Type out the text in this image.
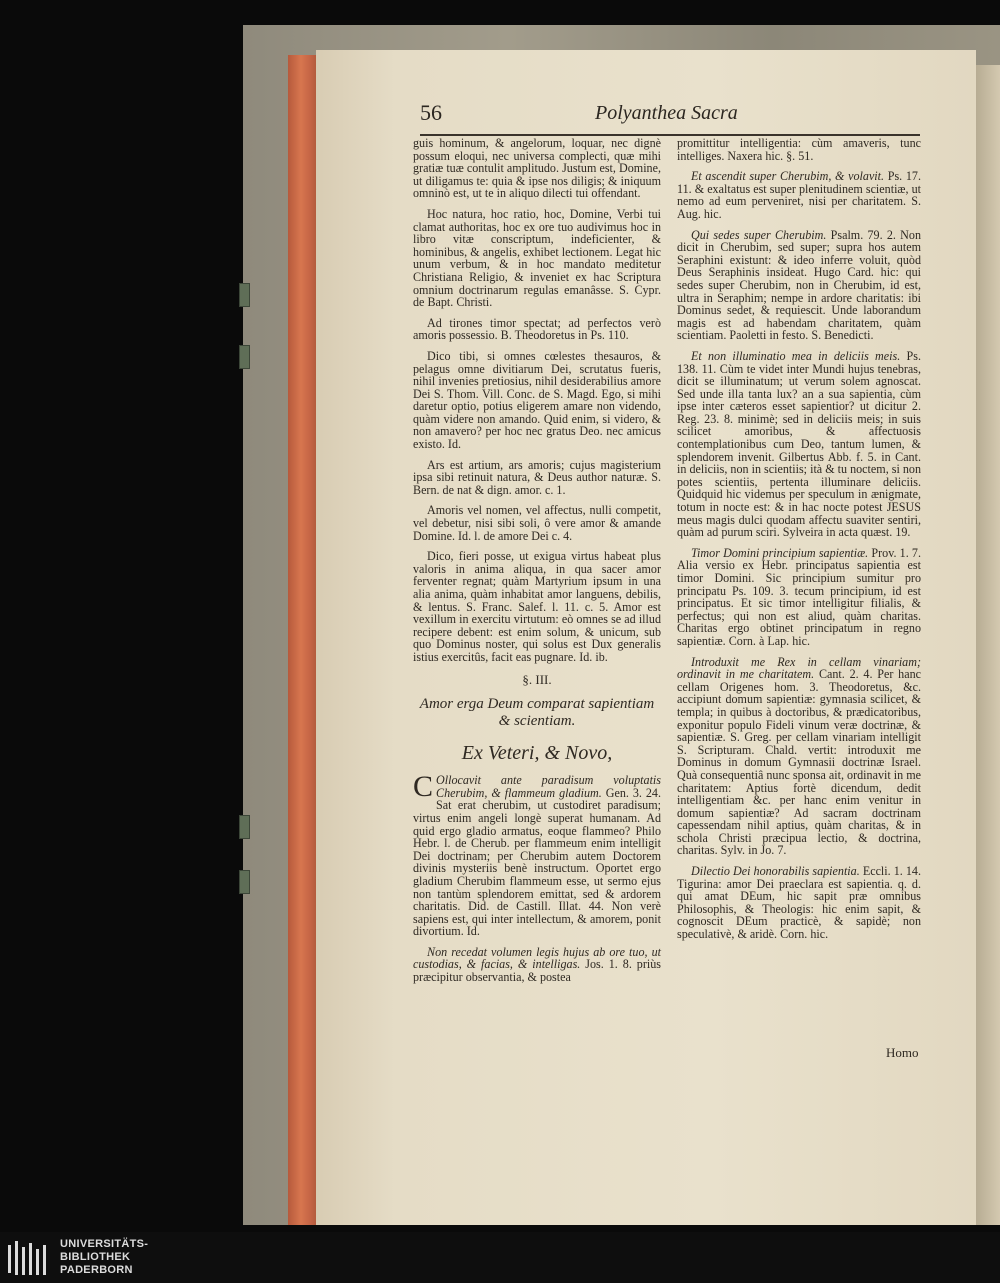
56	Polyanthea Sacra

guis hominum, & angelorum, loquar, nec dignè possum eloqui, nec universa complecti, quæ mihi gratiæ tuæ contulit amplitudo. Justum est, Domine, ut diligamus te: quia & ipse nos diligis; & iniquum omninò est, ut te in aliquo dilecti tui offendant.

Hoc natura, hoc ratio, hoc, Domine, Verbi tui clamat authoritas, hoc ex ore tuo audivimus hoc in libro vitæ conscriptum, indeficienter, & hominibus, & angelis, exhibet lectionem. Legat hic unum verbum, & in hoc mandato meditetur Christiana Religio, & inveniet ex hac Scriptura omnium doctrinarum regulas emanâsse. S. Cypr. de Bapt. Christi.

Ad tirones timor spectat; ad perfectos verò amoris possessio. B. Theodoretus in Ps. 110.

Dico tibi, si omnes cœlestes thesauros, & pelagus omne divitiarum Dei, scrutatus fueris, nihil invenies pretiosius, nihil desiderabilius amore Dei S. Thom. Vill. Conc. de S. Magd. Ego, si mihi daretur optio, potius eligerem amare non videndo, quàm videre non amando. Quid enim, si videro, & non amavero? per hoc nec gratus Deo. nec amicus existo. Id.

Ars est artium, ars amoris; cujus magisterium ipsa sibi retinuit natura, & Deus author naturæ. S. Bern. de nat & dign. amor. c. 1.

Amoris vel nomen, vel affectus, nulli competit, vel debetur, nisi sibi soli, ô vere amor & amande Domine. Id. l. de amore Dei c. 4.

Dico, fieri posse, ut exigua virtus habeat plus valoris in anima aliqua, in qua sacer amor ferventer regnat; quàm Martyrium ipsum in una alia anima, quàm inhabitat amor languens, debilis, & lentus. S. Franc. Salef. l. 11. c. 5. Amor est vexillum in exercitu virtutum: eò omnes se ad illud recipere debent: est enim solum, & unicum, sub quo Dominus noster, qui solus est Dux generalis istius exercitûs, facit eas pugnare. Id. ib.

§. III.
Amor erga Deum comparat sapientiam & scientiam.
Ex Veteri, & Novo,

C Ollocavit ante paradisum voluptatis Cherubim, & flammeum gladium. Gen. 3. 24. Sat erat cherubim, ut custodiret paradisum; virtus enim angeli longè superat humanam. Ad quid ergo gladio armatus, eoque flammeo? Philo Hebr. l. de Cherub. per flammeum enim intelligit Dei doctrinam; per Cherubim autem Doctorem divinis mysteriis benè instructum. Oportet ergo gladium Cherubim flammeum esse, ut sermo ejus non tantùm splendorem emittat, sed & ardorem charitatis. Did. de Castill. Illat. 44. Non verè sapiens est, qui inter intellectum, & amorem, ponit divortium. Id.

Non recedat volumen legis hujus ab ore tuo, ut custodias, & facias, & intelligas. Jos. 1. 8. priùs præcipitur observantia, & postea

promittitur intelligentia: cùm amaveris, tunc intelliges. Naxera hic. §. 51.

Et ascendit super Cherubim, & volavit. Ps. 17. 11. & exaltatus est super plenitudinem scientiæ, ut nemo ad eum perveniret, nisi per charitatem. S. Aug. hic.

Qui sedes super Cherubim. Psalm. 79. 2. Non dicit in Cherubim, sed super; supra hos autem Seraphini existunt: & ideo inferre voluit, quòd Deus Seraphinis insideat. Hugo Card. hic: qui sedes super Cherubim, non in Cherubim, id est, ultra in Seraphim; nempe in ardore charitatis: ibi Dominus sedet, & requiescit. Unde laborandum magis est ad habendam charitatem, quàm scientiam. Paoletti in festo. S. Benedicti.

Et non illuminatio mea in deliciis meis. Ps. 138. 11. Cùm te videt inter Mundi hujus tenebras, dicit se illuminatum; ut verum solem agnoscat. Sed unde illa tanta lux? an a sua sapientia, cùm ipse inter cæteros esset sapientior? ut dicitur 2. Reg. 23. 8. minimè; sed in deliciis meis; in suis scilicet amoribus, & affectuosis contemplationibus cum Deo, tantum lumen, & splendorem invenit. Gilbertus Abb. f. 5. in Cant. in deliciis, non in scientiis; ità & tu noctem, si non potes scientiis, pertenta illuminare deliciis. Quidquid hic videmus per speculum in ænigmate, totum in nocte est: & in hac nocte potest JESUS meus magis dulci quodam affectu suaviter sentiri, quàm ad purum sciri. Sylveira in acta quæst. 19.

Timor Domini principium sapientiæ. Prov. 1. 7. Alia versio ex Hebr. principatus sapientia est timor Domini. Sic principium sumitur pro principatu Ps. 109. 3. tecum principium, id est principatus. Et sic timor intelligitur filialis, & perfectus; qui non est aliud, quàm charitas. Charitas ergo obtinet principatum in regno sapientiæ. Corn. à Lap. hic.

Introduxit me Rex in cellam vinariam; ordinavit in me charitatem. Cant. 2. 4. Per hanc cellam Origenes hom. 3. Theodoretus, &c. accipiunt domum sapientiæ: gymnasia scilicet, & templa; in quibus à doctoribus, & prædicatoribus, exponitur populo Fideli vinum veræ doctrinæ, & sapientiæ. S. Greg. per cellam vinariam intelligit S. Scripturam. Chald. vertit: introduxit me Dominus in domum Gymnasii doctrinæ Israel. Quà consequentiâ nunc sponsa ait, ordinavit in me charitatem: Aptius fortè dicendum, dedit intelligentiam &c. per hanc enim venitur in domum sapientiæ? Ad sacram doctrinam capessendam nihil aptius, quàm charitas, & in schola Christi præcipua lectio, & doctrina, charitas. Sylv. in Jo. 7.

Dilectio Dei honorabilis sapientia. Eccli. 1. 14. Tigurina: amor Dei praeclara est sapientia. q. d. qui amat DEum, hic sapit præ omnibus Philosophis, & Theologis: hic enim sapit, & cognoscit DEum practicè, & sapidè; non speculativè, & aridè. Corn. hic.

Homo
UNIVERSITÄTS-
BIBLIOTHEK
PADERBORN
